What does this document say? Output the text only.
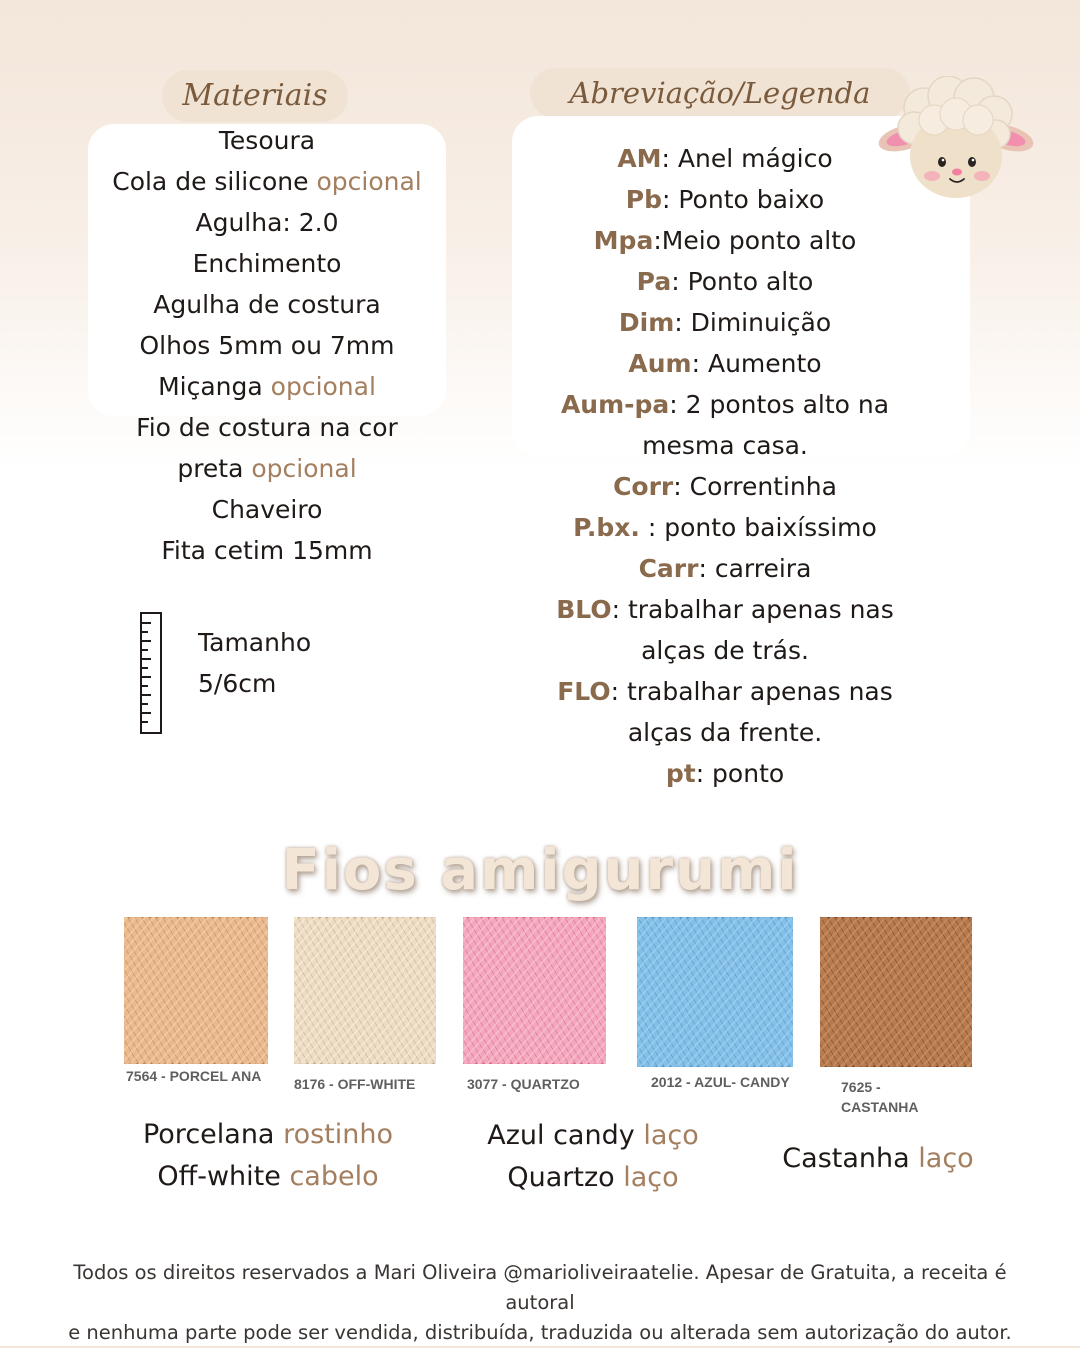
Materiais	Abreviação/Legenda
Tesoura
Cola de silicone opcional
Agulha: 2.0
Enchimento
Agulha de costura
Olhos 5mm ou 7mm
Miçanga opcional
Fio de costura na cor
preta opcional
Chaveiro
Fita cetim 15mm
Tamanho
5/6cm
AM: Anel mágico
Pb: Ponto baixo
Mpa:Meio ponto alto
Pa: Ponto alto
Dim: Diminuição
Aum: Aumento
Aum-pa: 2 pontos alto na
mesma casa.
Corr: Correntinha
P.bx. : ponto baixíssimo
Carr: carreira
BLO: trabalhar apenas nas
alças de trás.
FLO: trabalhar apenas nas
alças da frente.
pt: ponto
Fios amigurumi
7564 - PORCEL ANA 8176 - OFF-WHITE	3077 - QUARTZO	2012 - AZUL- CANDY	7625 - CASTANHA
Porcelana rostinho
Off-white cabelo
Azul candy laço
Quartzo laço
Castanha laço
Todos os direitos reservados a Mari Oliveira @marioliveiraatelie. Apesar de Gratuita, a receita é autoral
e nenhuma parte pode ser vendida, distribuída, traduzida ou alterada sem autorização do autor.
